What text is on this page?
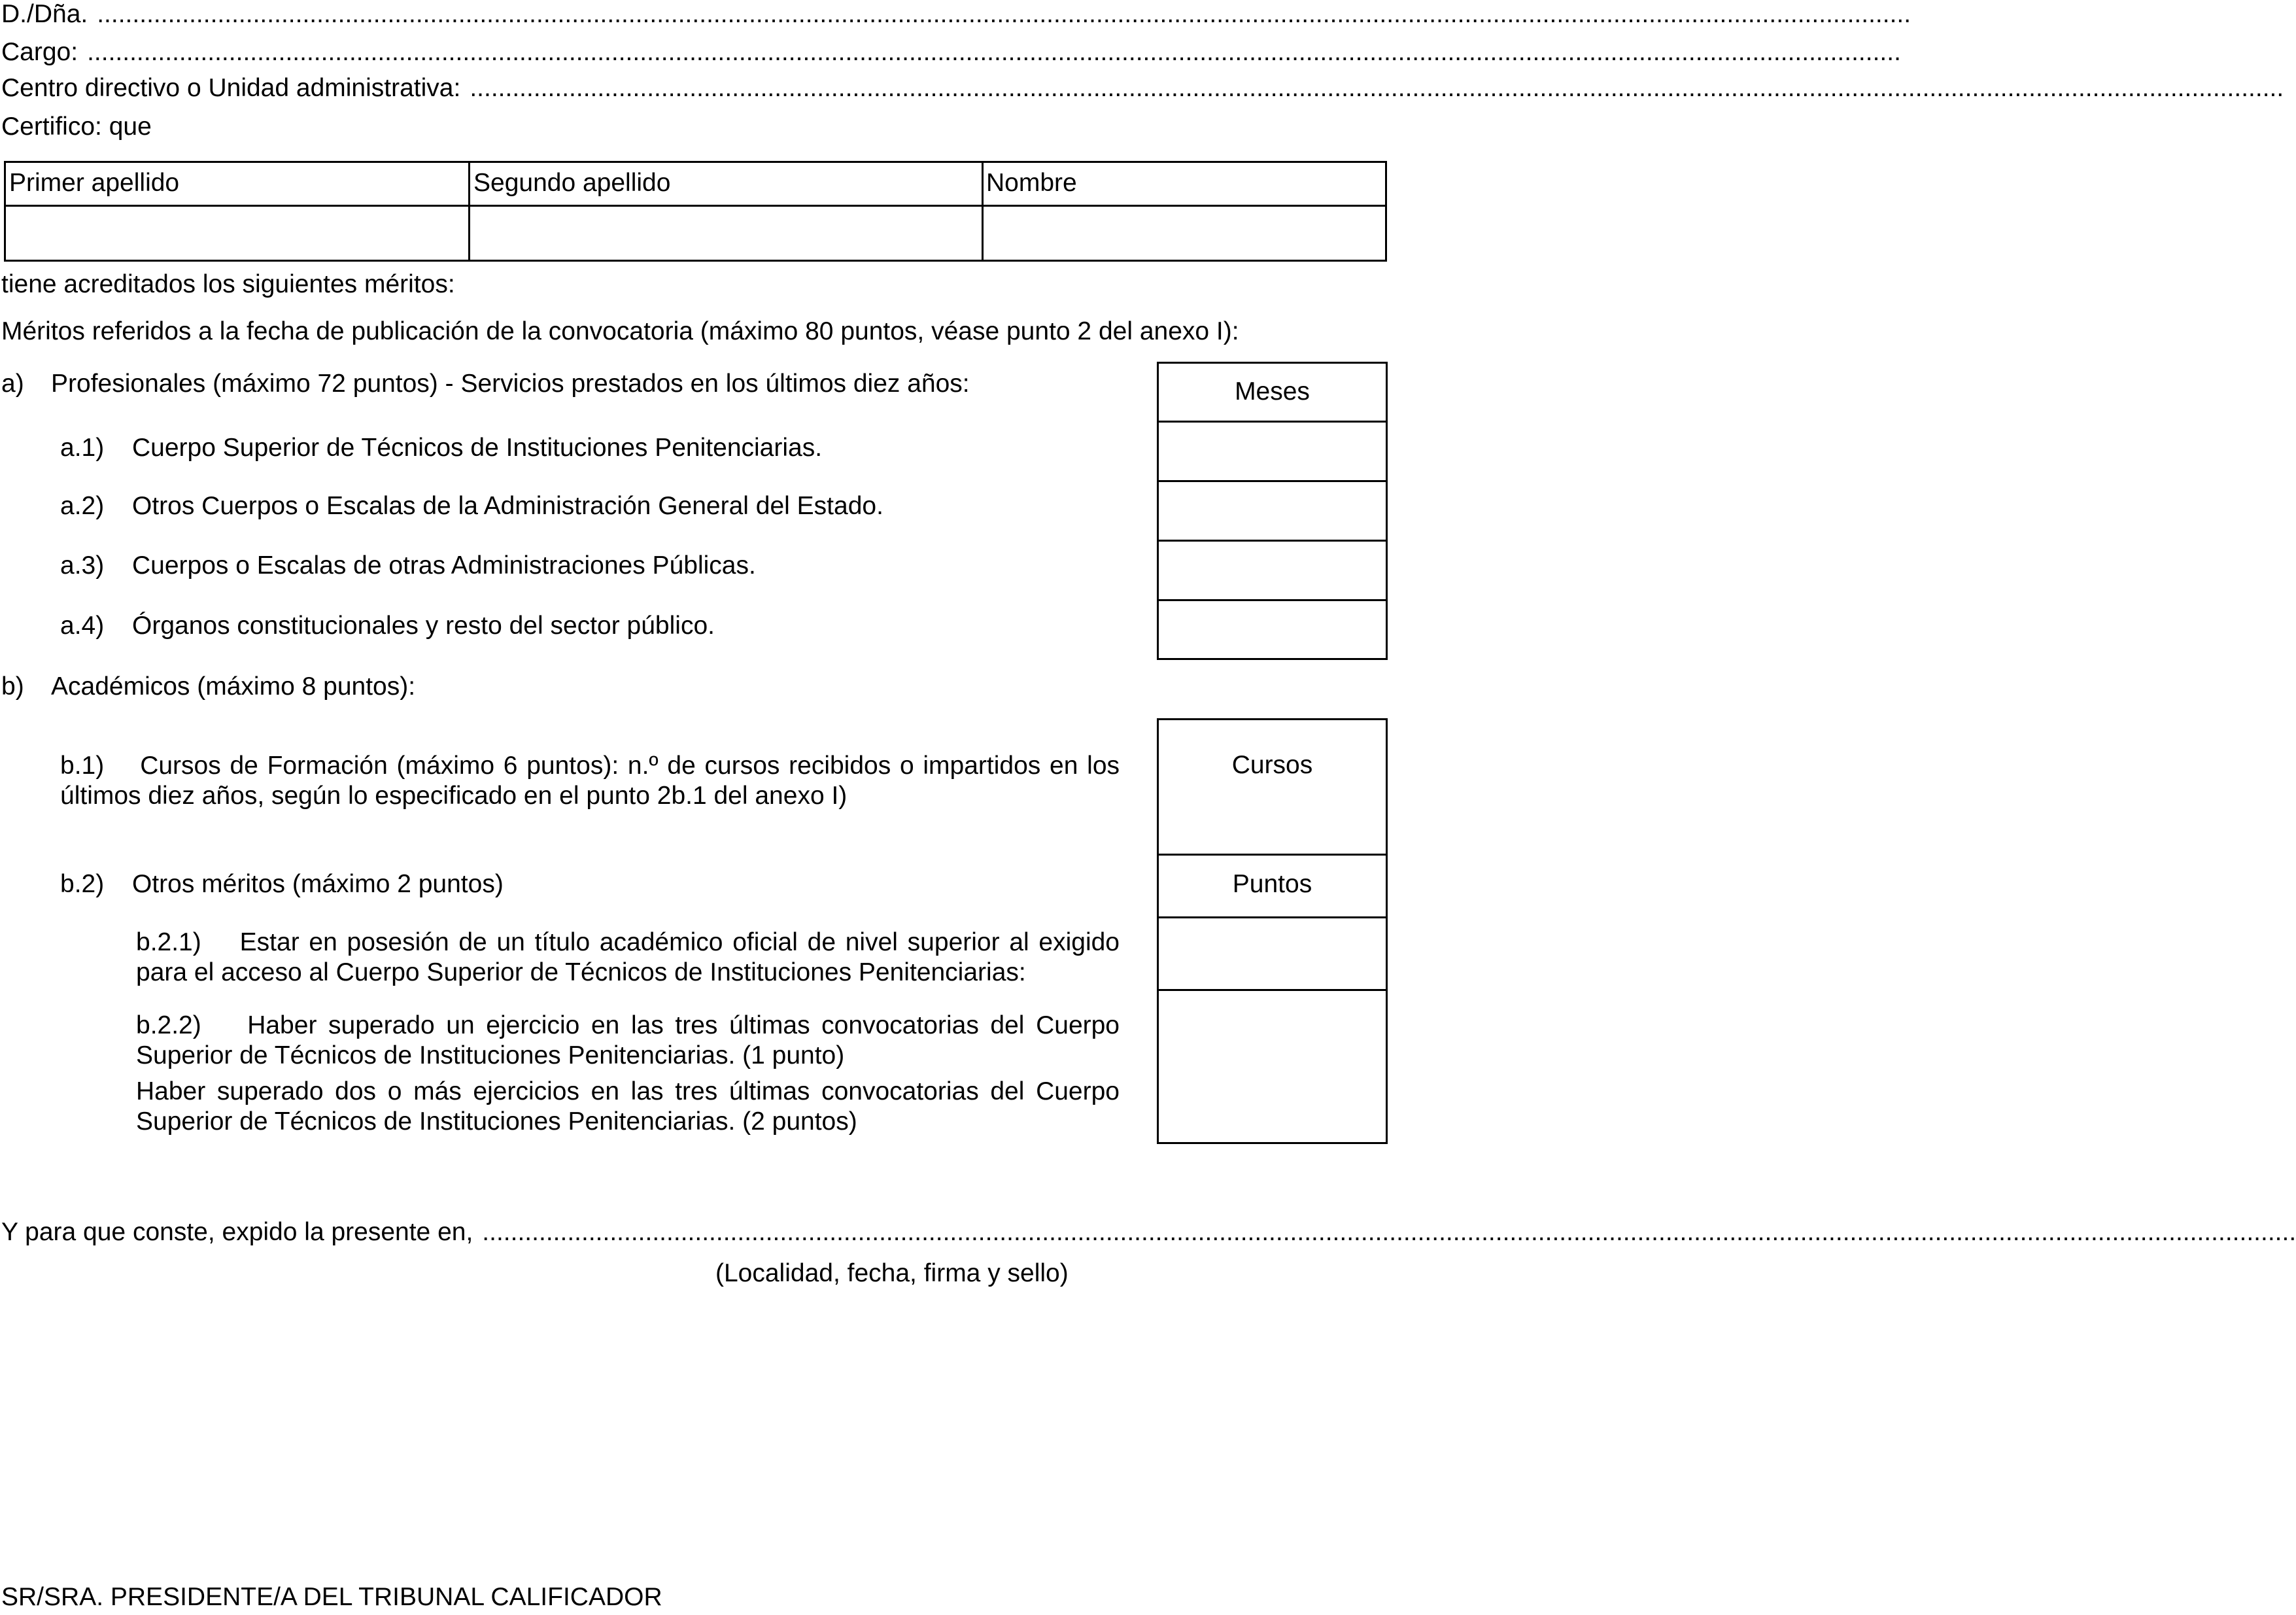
D./Dña. ................................................................................................................................................................................................................................................................
Cargo: ................................................................................................................................................................................................................................................................
Centro directivo o Unidad administrativa: ................................................................................................................................................................................................................................................................
Certifico: que
Primer apellido	Segundo apellido	Nombre
tiene acreditados los siguientes méritos:
Méritos referidos a la fecha de publicación de la convocatoria (máximo 80 puntos, véase punto 2 del anexo I):
a) Profesionales (máximo 72 puntos) - Servicios prestados en los últimos diez años:
a.1) Cuerpo Superior de Técnicos de Instituciones Penitenciarias.
a.2) Otros Cuerpos o Escalas de la Administración General del Estado.
a.3) Cuerpos o Escalas de otras Administraciones Públicas.
a.4) Órganos constitucionales y resto del sector público.
Meses
b) Académicos (máximo 8 puntos):
b.1) Cursos de Formación (máximo 6 puntos): n.º de cursos recibidos o impartidos en los últimos diez años, según lo especificado en el punto 2b.1 del anexo I)
b.2) Otros méritos (máximo 2 puntos)
b.2.1) Estar en posesión de un título académico oficial de nivel superior al exigido para el acceso al Cuerpo Superior de Técnicos de Instituciones Penitenciarias:
b.2.2) Haber superado un ejercicio en las tres últimas convocatorias del Cuerpo Superior de Técnicos de Instituciones Penitenciarias. (1 punto)
Haber superado dos o más ejercicios en las tres últimas convocatorias del Cuerpo Superior de Técnicos de Instituciones Penitenciarias. (2 puntos)
Cursos
Puntos
Y para que conste, expido la presente en, ................................................................................................................................................................................................................................................................
(Localidad, fecha, firma y sello)
SR/SRA. PRESIDENTE/A DEL TRIBUNAL CALIFICADOR
